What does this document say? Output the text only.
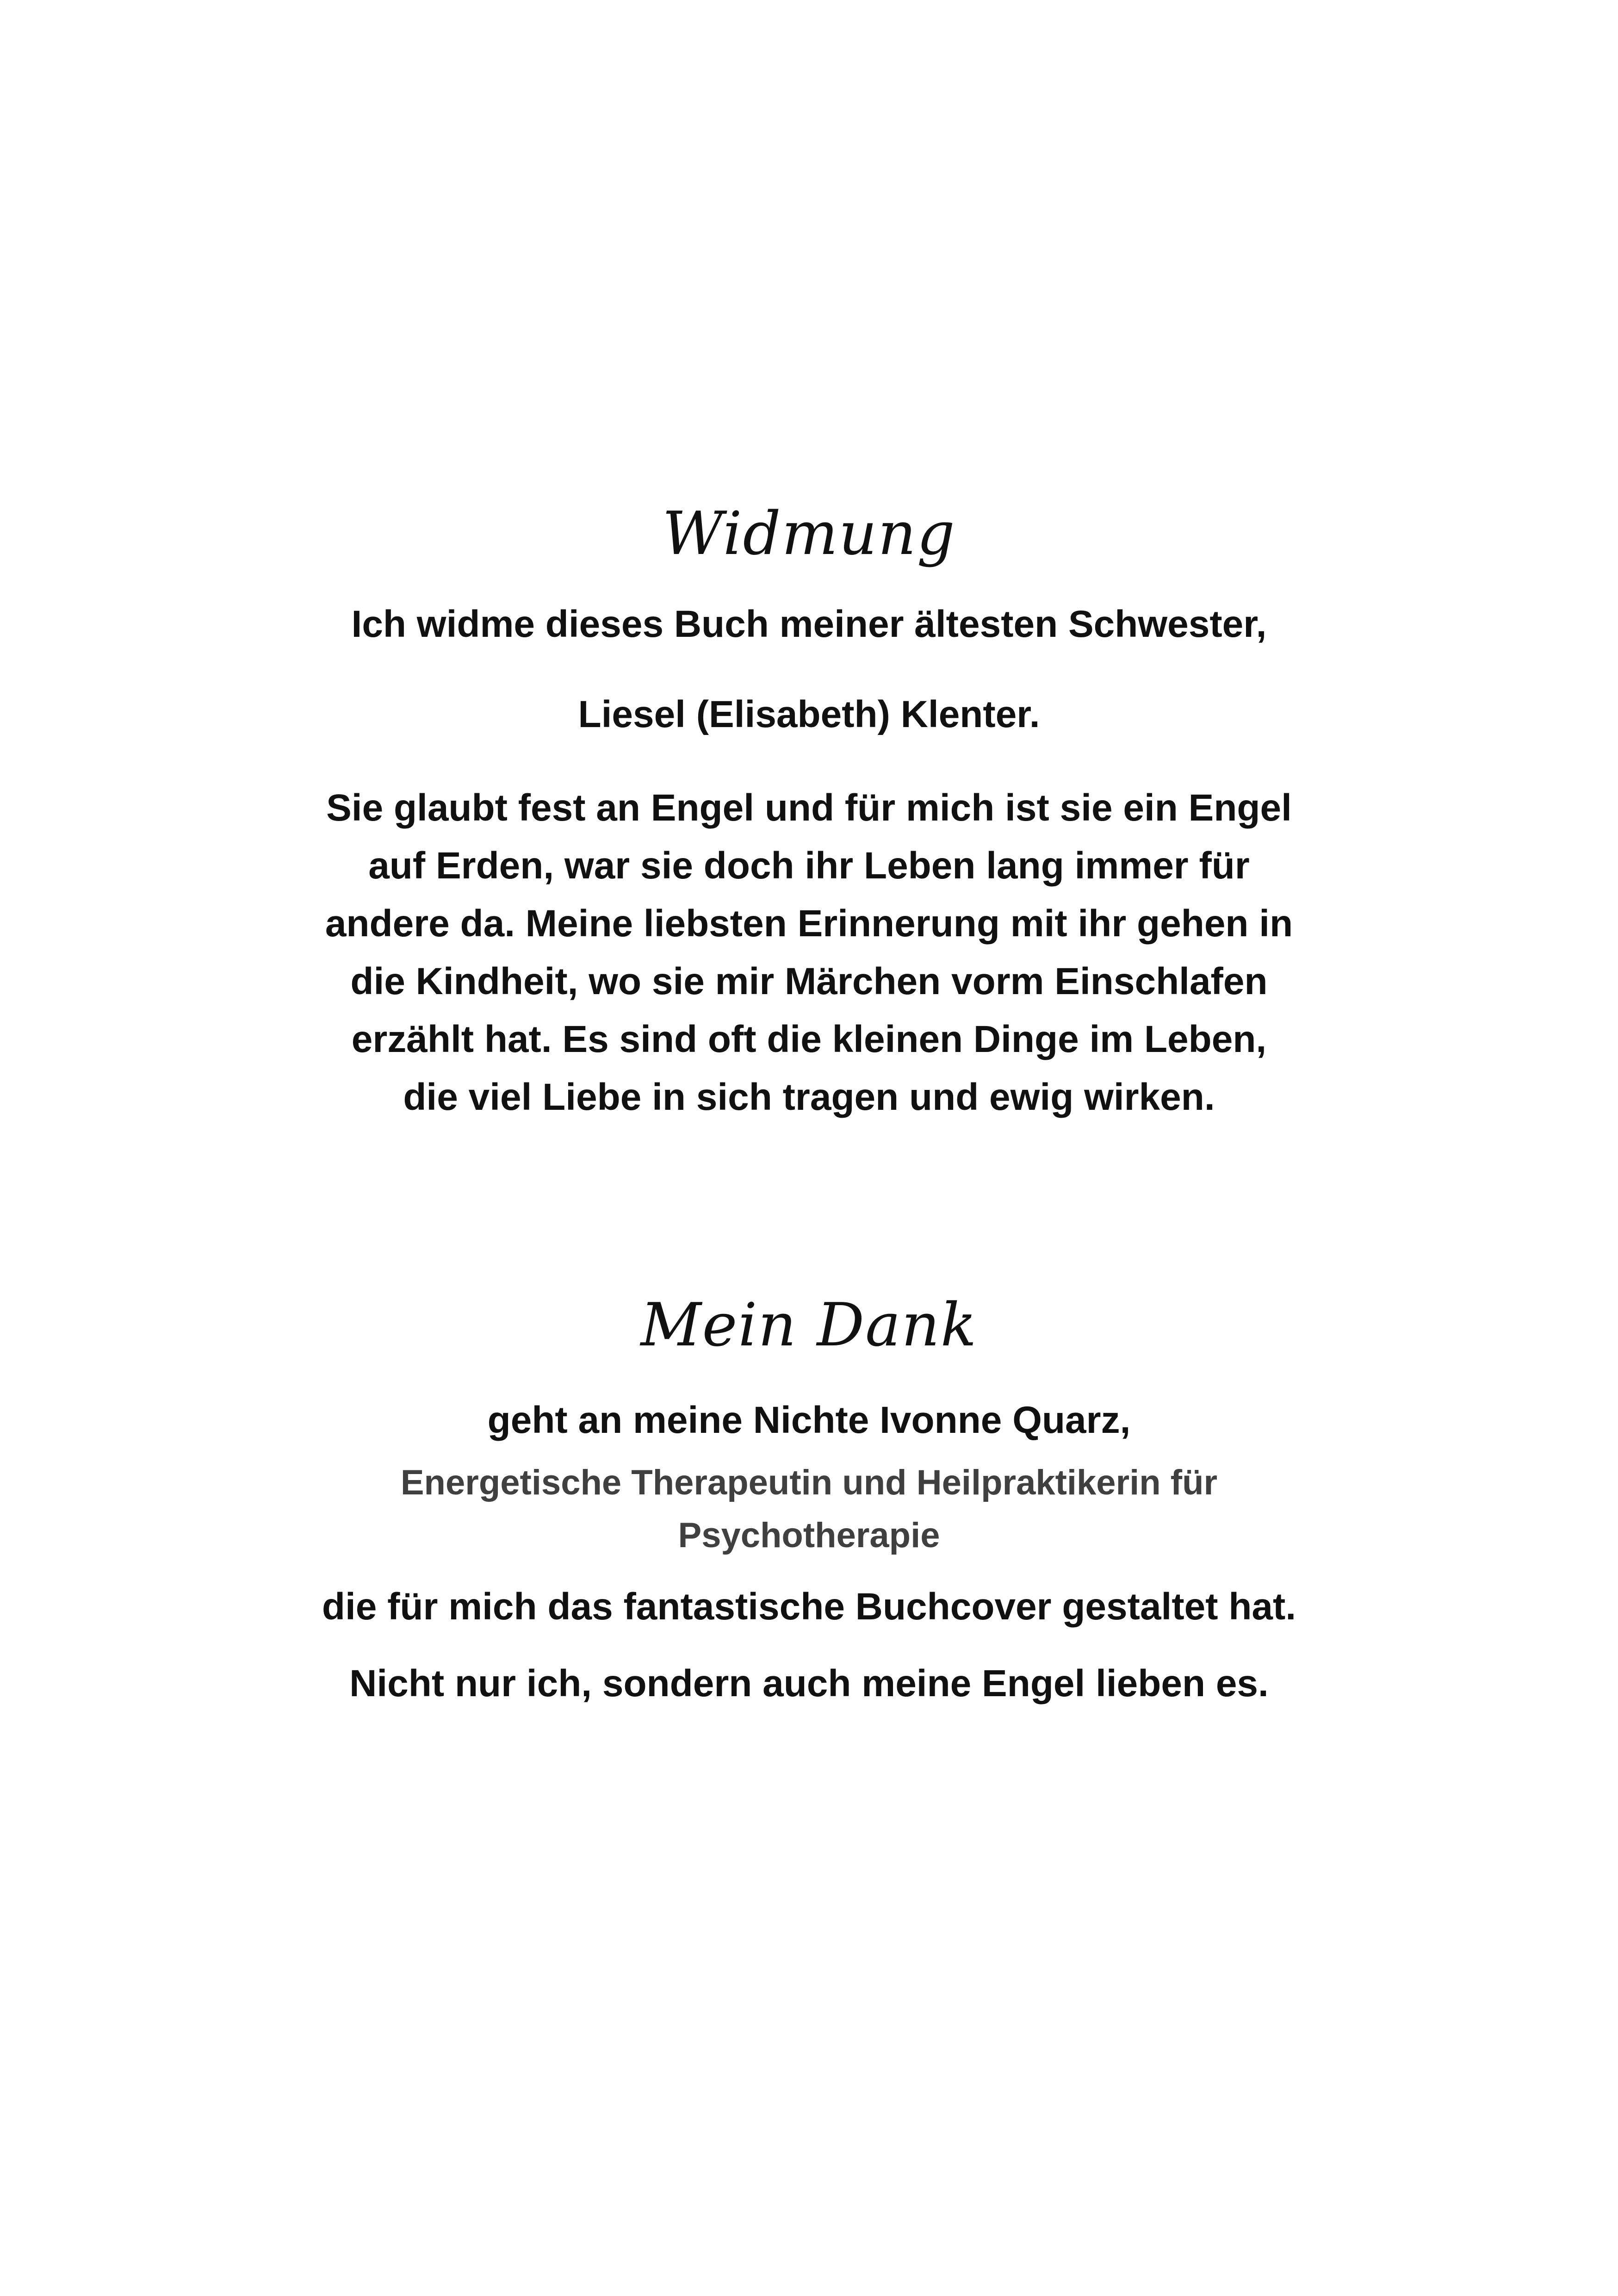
Widmung

Ich widme dieses Buch meiner ältesten Schwester,

Liesel (Elisabeth) Klenter.

Sie glaubt fest an Engel und für mich ist sie ein Engel

auf Erden, war sie doch ihr Leben lang immer für

andere da. Meine liebsten Erinnerung mit ihr gehen in

die Kindheit, wo sie mir Märchen vorm Einschlafen

erzählt hat. Es sind oft die kleinen Dinge im Leben,

die viel Liebe in sich tragen und ewig wirken.

Mein Dank

geht an meine Nichte Ivonne Quarz,

Energetische Therapeutin und Heilpraktikerin für

Psychotherapie

die für mich das fantastische Buchcover gestaltet hat.

Nicht nur ich, sondern auch meine Engel lieben es.
